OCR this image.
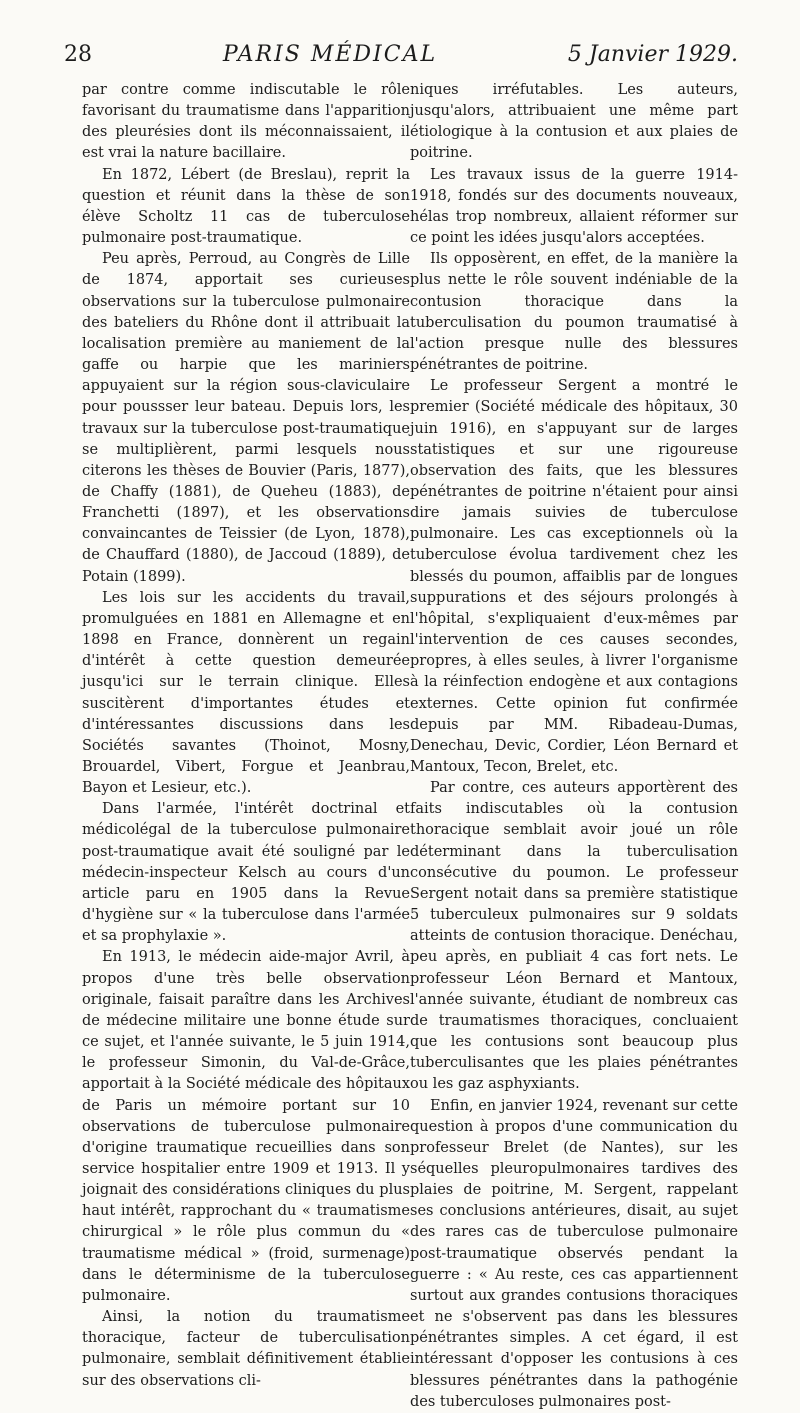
28	PARIS MÉDICAL	5 Janvier 1929.

par contre comme indiscutable le rôle favorisant du traumatisme dans l'apparition des pleurésies dont ils méconnaissaient, il est vrai la nature bacillaire.

En 1872, Lébert (de Breslau), reprit la question et réunit dans la thèse de son élève Scholtz 11 cas de tuberculose pulmonaire post-traumatique.

Peu après, Perroud, au Congrès de Lille de 1874, apportait ses curieuses observations sur la tuberculose pulmonaire des bateliers du Rhône dont il attribuait la localisation première au maniement de la gaffe ou harpie que les mariniers appuyaient sur la région sous-claviculaire pour poussser leur bateau. Depuis lors, les travaux sur la tuberculose post-traumatique se multiplièrent, parmi lesquels nous citerons les thèses de Bouvier (Paris, 1877), de Chaffy (1881), de Queheu (1883), de Franchetti (1897), et les observations convaincantes de Teissier (de Lyon, 1878), de Chauffard (1880), de Jaccoud (1889), de Potain (1899).

Les lois sur les accidents du travail, promulguées en 1881 en Allemagne et en 1898 en France, donnèrent un regain d'intérêt à cette question demeurée jusqu'ici sur le terrain clinique. Elles suscitèrent d'importantes études et d'intéressantes discussions dans les Sociétés savantes (Thoinot, Mosny, Brouardel, Vibert, Forgue et Jeanbrau, Bayon et Lesieur, etc.).

Dans l'armée, l'intérêt doctrinal et médicolégal de la tuberculose pulmonaire post-traumatique avait été souligné par le médecin-inspecteur Kelsch au cours d'un article paru en 1905 dans la Revue d'hygiène sur « la tuberculose dans l'armée et sa prophylaxie ».

En 1913, le médecin aide-major Avril, à propos d'une très belle observation originale, faisait paraître dans les Archives de médecine militaire une bonne étude sur ce sujet, et l'année suivante, le 5 juin 1914, le professeur Simonin, du Val-de-Grâce, apportait à la Société médicale des hôpitaux de Paris un mémoire portant sur 10 observations de tuberculose pulmonaire d'origine traumatique recueillies dans son service hospitalier entre 1909 et 1913. Il y joignait des considérations cliniques du plus haut intérêt, rapprochant du « traumatisme chirurgical » le rôle plus commun du « traumatisme médical » (froid, surmenage) dans le déterminisme de la tuberculose pulmonaire.

Ainsi, la notion du traumatisme thoracique, facteur de tuberculisation pulmonaire, semblait définitivement établie sur des observations cli-

niques irréfutables. Les auteurs, jusqu'alors, attribuaient une même part étiologique à la contusion et aux plaies de poitrine.

Les travaux issus de la guerre 1914-1918, fondés sur des documents nouveaux, hélas trop nombreux, allaient réformer sur ce point les idées jusqu'alors acceptées.

Ils opposèrent, en effet, de la manière la plus nette le rôle souvent indéniable de la contusion thoracique dans la tuberculisation du poumon traumatisé à l'action presque nulle des blessures pénétrantes de poitrine.

Le professeur Sergent a montré le premier (Société médicale des hôpitaux, 30 juin 1916), en s'appuyant sur de larges statistiques et sur une rigoureuse observation des faits, que les blessures pénétrantes de poitrine n'étaient pour ainsi dire jamais suivies de tuberculose pulmonaire. Les cas exceptionnels où la tuberculose évolua tardivement chez les blessés du poumon, affaiblis par de longues suppurations et des séjours prolongés à l'hôpital, s'expliquaient d'eux-mêmes par l'intervention de ces causes secondes, propres, à elles seules, à livrer l'organisme à la réinfection endogène et aux contagions externes. Cette opinion fut confirmée depuis par MM. Ribadeau-Dumas, Denechau, Devic, Cordier, Léon Bernard et Mantoux, Tecon, Brelet, etc.

Par contre, ces auteurs apportèrent des faits indiscutables où la contusion thoracique semblait avoir joué un rôle déterminant dans la tuberculisation consécutive du poumon. Le professeur Sergent notait dans sa première statistique 5 tuberculeux pulmonaires sur 9 soldats atteints de contusion thoracique. Denéchau, peu après, en publiait 4 cas fort nets. Le professeur Léon Bernard et Mantoux, l'année suivante, étudiant de nombreux cas de traumatismes thoraciques, concluaient que les contusions sont beaucoup plus tuberculisantes que les plaies pénétrantes ou les gaz asphyxiants.

Enfin, en janvier 1924, revenant sur cette question à propos d'une communication du professeur Brelet (de Nantes), sur les séquelles pleuropulmonaires tardives des plaies de poitrine, M. Sergent, rappelant ses conclusions antérieures, disait, au sujet des rares cas de tuberculose pulmonaire post-traumatique observés pendant la guerre : « Au reste, ces cas appartiennent surtout aux grandes contusions thoraciques et ne s'observent pas dans les blessures pénétrantes simples. A cet égard, il est intéressant d'opposer les contusions à ces blessures pénétrantes dans la pathogénie des tuberculoses pulmonaires post-
